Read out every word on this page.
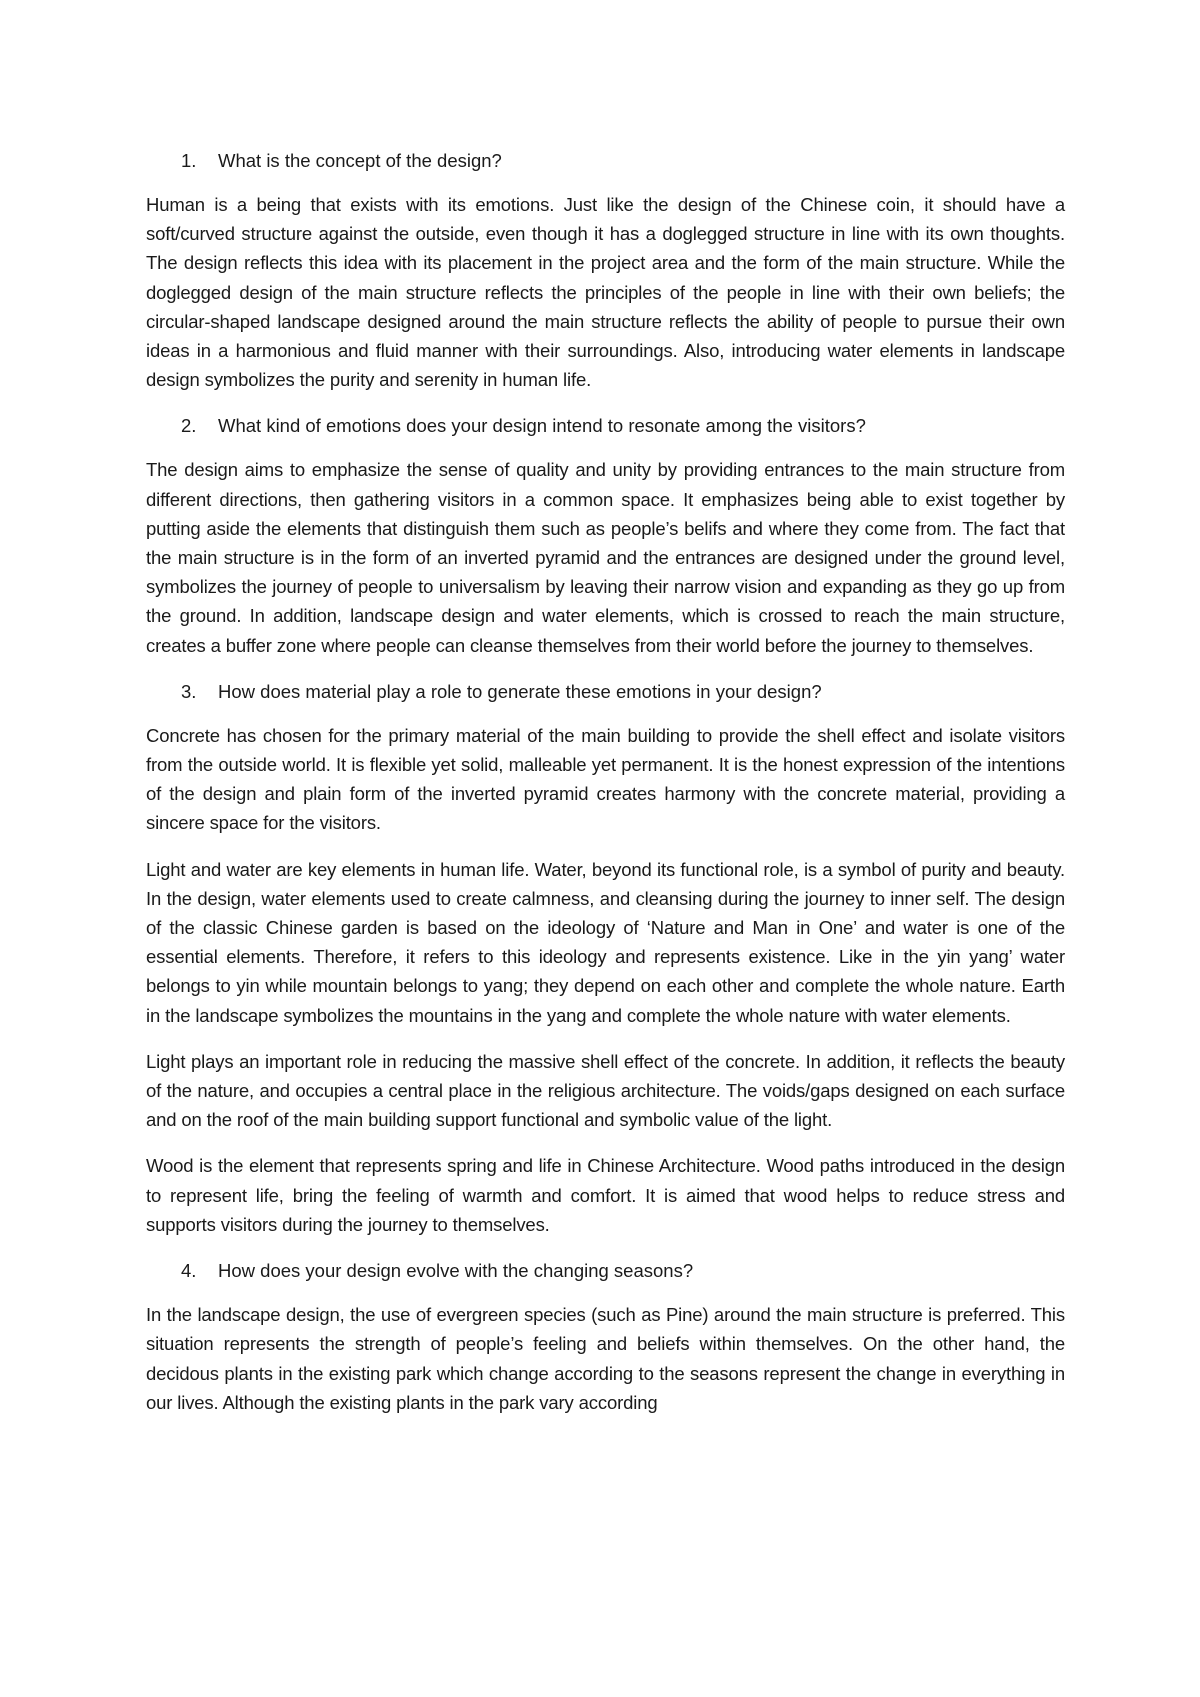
1.	What is the concept of the design?

Human is a being that exists with its emotions. Just like the design of the Chinese coin, it should have a soft/curved structure against the outside, even though it has a doglegged structure in line with its own thoughts. The design reflects this idea with its placement in the project area and the form of the main structure. While the doglegged design of the main structure reflects the principles of the people in line with their own beliefs; the circular-shaped landscape designed around the main structure reflects the ability of people to pursue their own ideas in a harmonious and fluid manner with their surroundings. Also, introducing water elements in landscape design symbolizes the purity and serenity in human life.

2.	What kind of emotions does your design intend to resonate among the visitors?

The design aims to emphasize the sense of quality and unity by providing entrances to the main structure from different directions, then gathering visitors in a common space. It emphasizes being able to exist together by putting aside the elements that distinguish them such as people’s belifs and where they come from. The fact that the main structure is in the form of an inverted pyramid and the entrances are designed under the ground level, symbolizes the journey of people to universalism by leaving their narrow vision and expanding as they go up from the ground. In addition, landscape design and water elements, which is crossed to reach the main structure, creates a buffer zone where people can cleanse themselves from their world before the journey to themselves.

3.	How does material play a role to generate these emotions in your design?

Concrete has chosen for the primary material of the main building to provide the shell effect and isolate visitors from the outside world. It is flexible yet solid, malleable yet permanent. It is the honest expression of the intentions of the design and plain form of the inverted pyramid creates harmony with the concrete material, providing a sincere space for the visitors.

Light and water are key elements in human life. Water, beyond its functional role, is a symbol of purity and beauty. In the design, water elements used to create calmness, and cleansing during the journey to inner self. The design of the classic Chinese garden is based on the ideology of ‘Nature and Man in One’ and water is one of the essential elements. Therefore, it refers to this ideology and represents existence. Like in the yin yang’ water belongs to yin while mountain belongs to yang; they depend on each other and complete the whole nature. Earth in the landscape symbolizes the mountains in the yang and complete the whole nature with water elements.

Light plays an important role in reducing the massive shell effect of the concrete. In addition, it reflects the beauty of the nature, and occupies a central place in the religious architecture. The voids/gaps designed on each surface and on the roof of the main building support functional and symbolic value of the light.

Wood is the element that represents spring and life in Chinese Architecture. Wood paths introduced in the design to represent life, bring the feeling of warmth and comfort. It is aimed that wood helps to reduce stress and supports visitors during the journey to themselves.

4.	How does your design evolve with the changing seasons?

In the landscape design, the use of evergreen species (such as Pine) around the main structure is preferred. This situation represents the strength of people’s feeling and beliefs within themselves. On the other hand, the decidous plants in the existing park which change according to the seasons represent the change in everything in our lives. Although the existing plants in the park vary according
